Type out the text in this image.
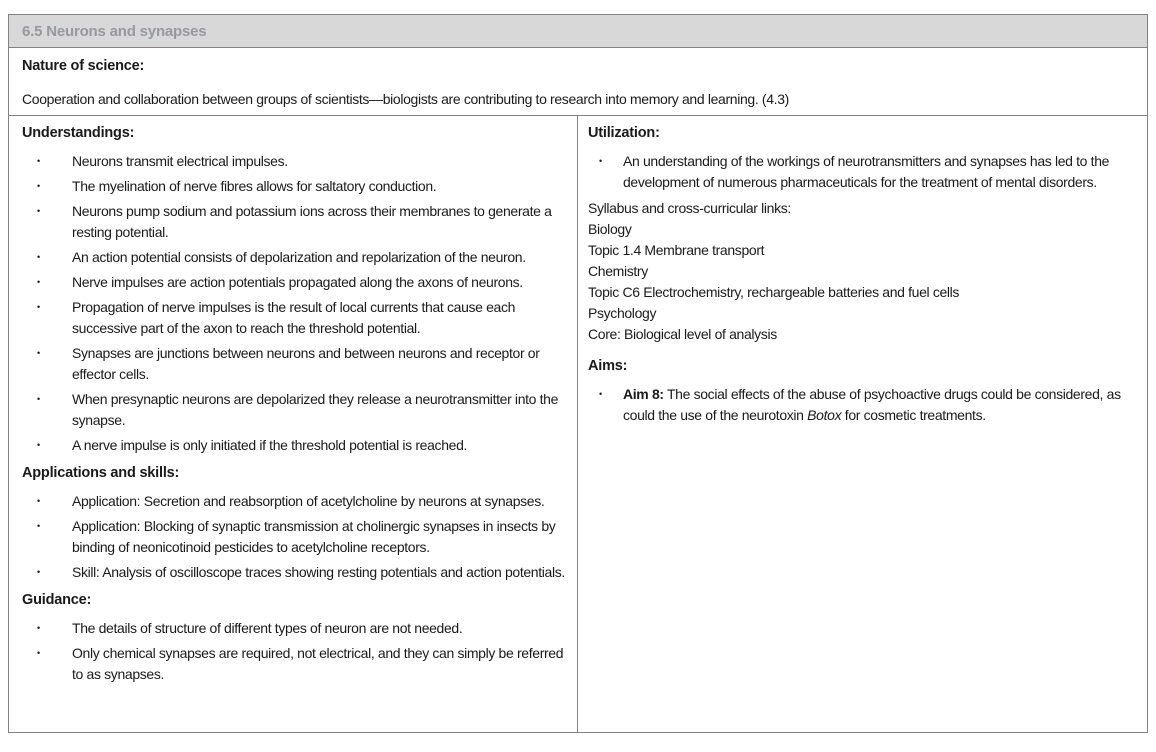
6.5 Neurons and synapses
Nature of science:
Cooperation and collaboration between groups of scientists—biologists are contributing to research into memory and learning. (4.3)
Understandings:
• Neurons transmit electrical impulses.
• The myelination of nerve fibres allows for saltatory conduction.
• Neurons pump sodium and potassium ions across their membranes to generate a resting potential.
• An action potential consists of depolarization and repolarization of the neuron.
• Nerve impulses are action potentials propagated along the axons of neurons.
• Propagation of nerve impulses is the result of local currents that cause each successive part of the axon to reach the threshold potential.
• Synapses are junctions between neurons and between neurons and receptor or effector cells.
• When presynaptic neurons are depolarized they release a neurotransmitter into the synapse.
• A nerve impulse is only initiated if the threshold potential is reached.
Applications and skills:
• Application: Secretion and reabsorption of acetylcholine by neurons at synapses.
• Application: Blocking of synaptic transmission at cholinergic synapses in insects by binding of neonicotinoid pesticides to acetylcholine receptors.
• Skill: Analysis of oscilloscope traces showing resting potentials and action potentials.
Guidance:
• The details of structure of different types of neuron are not needed.
• Only chemical synapses are required, not electrical, and they can simply be referred to as synapses.
Utilization:
• An understanding of the workings of neurotransmitters and synapses has led to the development of numerous pharmaceuticals for the treatment of mental disorders.
Syllabus and cross-curricular links:
Biology
Topic 1.4 Membrane transport
Chemistry
Topic C6 Electrochemistry, rechargeable batteries and fuel cells
Psychology
Core: Biological level of analysis
Aims:
• Aim 8: The social effects of the abuse of psychoactive drugs could be considered, as could the use of the neurotoxin Botox for cosmetic treatments.
